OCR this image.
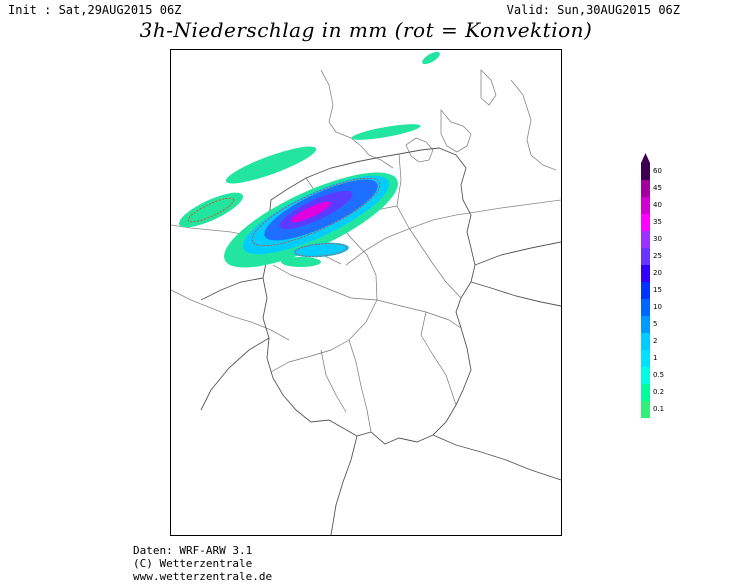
Init : Sat,29AUG2015 06Z	Valid: Sun,30AUG2015 06Z
3h-Niederschlag in mm (rot = Konvektion)
60
45
40
35
30
25
20
15
10
5
2
1
0.5
0.2
0.1
Daten: WRF-ARW 3.1
(C) Wetterzentrale
www.wetterzentrale.de
